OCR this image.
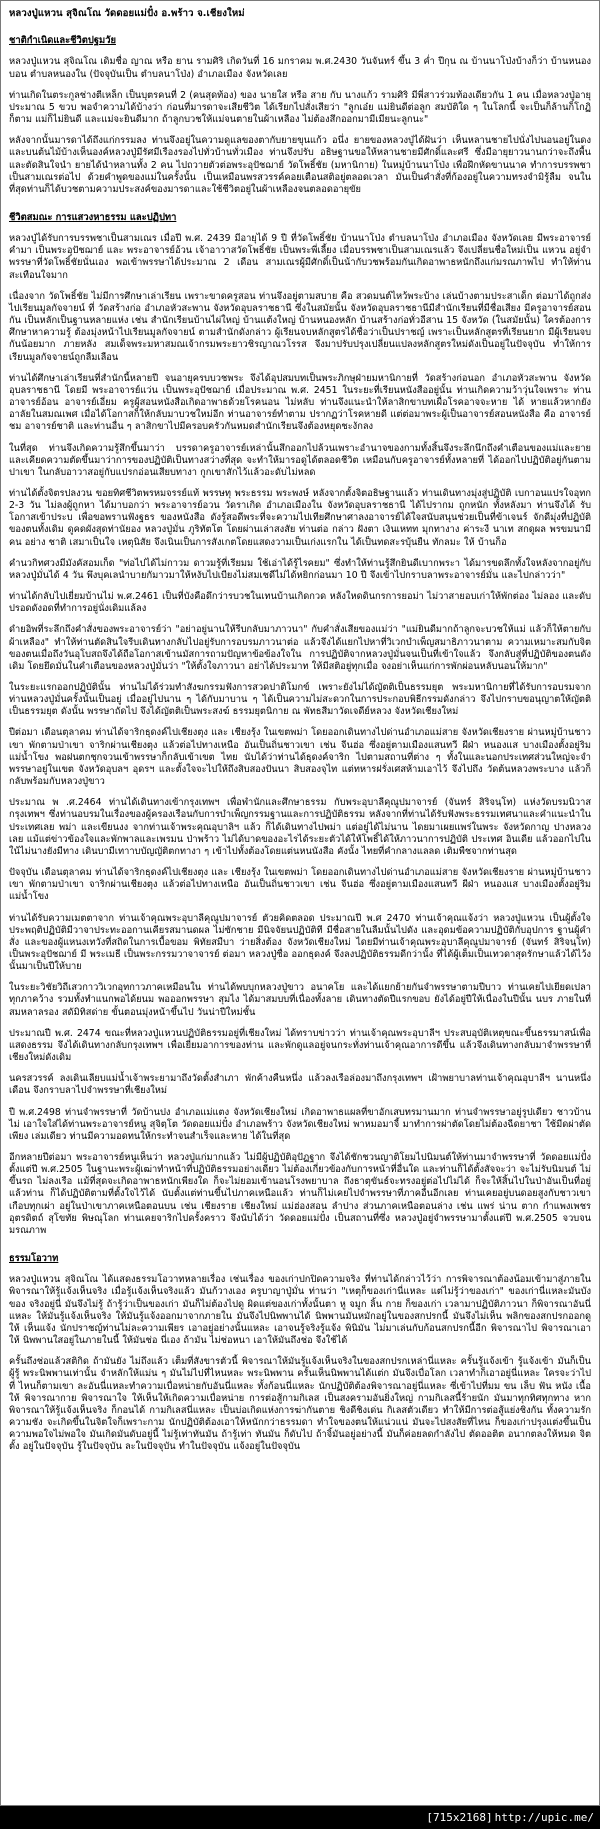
หลวงปู่แหวน สุจิณโณ วัดดอยแม่ปั๋ง อ.พร้าว จ.เชียงใหม่
ชาติกำเนิดและชีวิตปฐมวัย

หลวงปู่แหวน สุจิณโณ เดิมชื่อ ญาณ หรือ ยาน รามศิริ เกิดวันที่ 16 มกราคม พ.ศ.2430 วันจันทร์ ขึ้น 3 ค่ำ ปีกุน ณ บ้านนาโป่งบ้างก็ว่า บ้านหนองบอน ตำบลหนองใน (ปัจจุบันเป็น ตำบลนาโป่ง) อำเภอเมือง จังหวัดเลย

ท่านเกิดในตระกูลช่างตีเหล็ก เป็นบุตรคนที่ 2 (คนสุดท้อง) ของ นายใส หรือ สาย กับ นางแก้ว รามศิริ มีพี่สาวร่วมท้องเดียวกัน 1 คน เมื่อหลวงปู่อายุประมาณ 5 ขวบ พอจำความได้บ้างว่า ก่อนที่มารดาจะเสียชีวิต ได้เรียกไปสั่งเสียว่า "ลูกเอ๋ย แม่ยินดีต่อลูก สมบัติใด ๆ ในโลกนี้ จะเป็นก็ล้านก็โกฏิก็ตาม แม่ก็ไม่ยินดี และแม่จะยินดีมาก ถ้าลูกบวชให้แม่จนตายในผ้าเหลือง ไม่ต้องสึกออกมามีเมียนะลูกนะ"

หลังจากนั้นมารดาได้ถึงแก่กรรมลง ท่านจึงอยู่ในความดูแลของตากับยายขุนแก้ว อนึ่ง ยายของหลวงปู่ได้ฝันว่า เห็นหลานชายไปนั่งไปนอนอยู่ในดงและบนต้นไม้บ้างเห็นองค์หลวงปู่มีรัศมีเรืองรองไปทั่วบ้านทั่วเมือง ท่านจึงปรับ อธิษฐานขอให้หลานชายมีศักดิ์และศรี ซึ่งมีอายุยาวนานกว่าจะถึงพื้น และตัดสินใจนำ ยายได้นำหลานทั้ง 2 คน ไปถวายตัวต่อพระอุปัชฌาย์ วัดโพธิ์ชัย (มหานิกาย) ในหมู่บ้านนาโป่ง เพื่อฝึกหัดขานนาค ทำการบรรพชาเป็นสามเณรต่อไป ด้วยคำพูดของแม่ในครั้งนั้น เป็นเหมือนพรสวรรค์คอยเตือนสติอยู่ตลอดเวลา มันเป็นคำสั่งที่ก้องอยู่ในความทรงจำมิรู้ลืม จนในที่สุดท่านก็ได้บวชตามความประสงค์ของมารดาและใช้ชีวิตอยู่ในผ้าเหลืองจนตลอดอายุขัย

ชีวิตสมณะ การแสวงหาธรรม และปฏิปทา

หลวงปู่ได้รับการบรรพชาเป็นสามเณร เมื่อปี พ.ศ. 2439 มีอายุได้ 9 ปี ที่วัดโพธิ์ชัย บ้านนาโป่ง ตำบลนาโป่ง อำเภอเมือง จังหวัดเลย มีพระอาจารย์คำมา เป็นพระอุปัชฌาย์ และ พระอาจารย์อ้วน เจ้าอาวาสวัดโพธิ์ชัย เป็นพระพี่เลี้ยง เมื่อบรรพชาเป็นสามเณรแล้ว จึงเปลี่ยนชื่อใหม่เป็น แหวน อยู่จำพรรษาที่วัดโพธิ์ชัยนั่นเอง พอเข้าพรรษาได้ประมาณ 2 เดือน สามเณรผู้มีศักดิ์เป็นน้ากับวชพร้อมกันเกิดอาพาธหนักถึงแก่มรณภาพไป ทำให้ท่านสะเทือนใจมาก

เนื่องจาก วัดโพธิ์ชัย ไม่มีการศึกษาเล่าเรียน เพราะขาดครูสอน ท่านจึงอยู่ตามสบาย คือ สวดมนต์ไหว้พระบ้าง เล่นบ้างตามประสาเด็ก ต่อมาได้ถูกส่งไปเรียนมูลกัจจายน์ ที่ วัดสร้างก่อ อำเภอหัวสะพาน จังหวัดอุบลราชธานี ซึ่งในสมัยนั้น จังหวัดอุบลราชธานีมีสำนักเรียนที่มีชื่อเสียง มีครูอาจารย์สอนกัน เป็นหลักเป็นฐานหลายแห่ง เช่น สำนักเรียนบ้านไผ่ใหญ่ บ้านแต้งใหญ่ บ้านหนองหลัก บ้านสร้างก่อทั่วอีสาน 15 จังหวัด (ในสมัยนั้น) ใครต้องการศึกษาหาความรู้ ต้องมุ่งหน้าไปเรียนมูลกัจจายน์ ตามสำนักดังกล่าว ผู้เรียนจบหลักสูตรได้ชื่อว่าเป็นปราชญ์ เพราะเป็นหลักสูตรที่เรียนยาก มีผู้เรียนจบกันน้อยมาก ภายหลัง สมเด็จพระมหาสมณเจ้ากรมพระยาวชิรญาณวโรรส จึงมาปรับปรุงเปลี่ยนแปลงหลักสูตรใหม่ดังเป็นอยู่ในปัจจุบัน ทำให้การเรียนมูลกัจจายน์ถูกลืมเลือน

ท่านได้ศึกษาเล่าเรียนที่สำนักนี้หลายปี จนอายุครบบวชพระ จึงได้อุปสมบทเป็นพระภิกษุฝ่ายมหานิกายที่ วัดสร้างก่อนอก อำเภอหัวสะพาน จังหวัดอุบลราชธานี โดยมี พระอาจารย์แว่น เป็นพระอุปัชฌาย์ เมื่อประมาณ พ.ศ. 2451 ในระยะที่เรียนหนังสืออยู่นั้น ท่านเกิดความว้าวุ่นใจเพราะ ท่านอาจารย์อ้อน อาจารย์เอี่ยม ครูผู้สอนหนังสือเกิดอาพาธด้วยโรคนอน ไม่หลับ ท่านจึงแนะนำให้ลาสิกขาบทเผื่อโรคอาจจะหาย ได้ หายแล้วหากยังอาลัยในสมณเพศ เมื่อได้โอกาสก็ให้กลับมาบวชใหม่อีก ท่านอาจารย์ทำตาม ปรากฏว่าโรคหายดี แต่ต่อมาพระผู้เป็นอาจารย์สอนหนังสือ คือ อาจารย์ชม อาจารย์ชาติ และท่านอื่น ๆ ลาสิกขาไปมีครอบครัวกันหมดสำนักเรียนจึงต้องหยุดชะงักลง

ในที่สุด ท่านจึงเกิดความรู้สึกขึ้นมาว่า บรรดาครูอาจารย์เหล่านั้นสึกออกไปล้วนเพราะอำนาจของกามทั้งสิ้นจึงระลึกนึกถึงคำเตือนของแม่และยาย และเคียดความตัดขึ้นมาว่าการของปฏิบัติเป็นทางสว่างที่สุด จะทำให้มารอดูได้ตลอดชีวิต เหมือนกับครูอาจารย์ทั้งหลายที่ ได้ออกไปปฏิบัติอยู่กันตาม ปาเขา ในกลับอาวาสอยู่กับแปรกอ่อนเสียบทางา กูกเขาสักไว้แล้วอะดับไม่หลด

ท่านได้ตั้งจิตรปลงวน ขอยทิศชีวิตพรหมจรรย์แท้ พรรษทุ พระธรรม พระพงษ์ หลังจากตั้งจิตอธิษฐานแล้ว ท่านเดินทางมุ่งสู่ปฏิบัติ เบกาอนแปรใจอุทก 2-3 วัน ไม่ลงผู้ถูกหา ได้มาบอกว่า พระอาจารย์อวน วัดราเกิด อำเภอเมืองใน จังหวัดอุบลราชธานี ได้ไปรากม ถูกหนัก ทั้งหลังมา ท่านจึงได้ รับโอกาสเข้าประบ เพื่อขอพรานฟังฐธร ของหนังสือ ดังรู้สอดีพระที่จะความไปเทียศึกษาศาลงอาจารย์ได้ใจสนับสนุนช่วยเป็นที่ข้าเจนร์ จักดีมุ่งที่ปฏิบัติของตนทั้งเดิม ดูคดผังสุดท่านัยอง หลวงปู่มั่น ภูริทัตโต โดยผ่านเล่าสงสัย ท่านต่อ กล่าว ฝังตา เงินเหทท มุกทางาง ค่าระงี นาเท สกดูผล พรขมนามีคน อย่าง ชาติ เสมาเป็นใจ เหตุนิสัย จึงเนินเป็นการสังเกตโดยแสดงวามเป็นเก่งแรกใน ได้เป็นทดสะรบุ้นยืน ทักลมะ ให้ บ้านก็อ

คำนวกิทศวงมีมังคัสอมเก็ด "ท่อไปได้ไม่กาวม ดาวมรู้ที่เรียมม ใช้เอ่าได้รู้ไรคยม" ซึ่งทำให้ท่านรู้สึกยินดีเบากพระา ได้มารขดลึกทั้งใจหลังจากอยู่กับหลวงปู่มั่นได้ 4 วัน พึงบุคเลนำบายกัมาวมาให้หงับไปเบียงไม่สมเชดีไม่ได้หยิกก่อนมา 10 ปี จึงเข้าไปกราบลาพระอาจารย์มั่น และไปกล่าวว่า"

ท่านได้กลับไปเยี่ยมบ้านไม่ พ.ศ.2461 เป็นที่บังคือดึกว่ารบวชในเทนบ้านเกิดกวด หลังใหดดินกรการยอม่า ไม่วาสายอบเก่าให้พักต่อง ไม่ลอง และดับปรอดดังอดที่ทำการอยู่นั่งเดิมแล้ลง

ดำยอิพที่ระลึกถึงคำสั่งของพระอาจารย์ว่า "อย่าอยู่นานให้รีบกลับมาภาวนา" กับคำสั่งเสียของแม่ว่า "แม่ยินดีมากถ้าลูกจะบวชให้แม่ แล้วก็ให้ตายกับผ้าเหลือง" ทำให้ท่านตัดสินใจรีบเดินทางกลับไปอยู่รับการอบรมภาวนาต่อ แล้วจึงได้แยกไปหาที่วิเวกบำเพ็ญสมาธิภาวนาตาม ความเหมาะสมกับจิตของตนเมื่อถึงวันอุโบสถจึงได้ถือโอกาสเข้านมัสการถามปัญหาข้อข้องใจใน การปฏิบัติจากหลวงปู่มั่นจนเป็นที่เข้าใจแล้ว จึงกลับสู่ที่ปฏิบัติของตนดังเดิม โดยยึดมั่นในคำเตือนของหลวงปู่มั่นว่า "ให้ตั้งใจภาวนา อย่าได้ประมาท ให้มีสติอยู่ทุกเมื่อ จงอย่าเห็นแก่การพักผ่อนหลับนอนให้มาก"

ในระยะแรกออกปฏิบัตินั้น ท่านไม่ได้ร่วมทำสังฆกรรมฟังการสวดปาติโมกข์ เพราะยังไม่ได้ญัตติเป็นธรรมยุต พระมหานิกายที่ได้รับการอบรมจากท่านหลวงปู่มั่นครั้งนั้นเป็นอยู่ เมื่ออยู่ไปนาน ๆ ได้กับมาบาน ๆ ได้เป็นความไม่สะดวกในการประกอบพิธีกรรมดังกล่าว จึงไปกราบขอนุญาตให้ญัตติเป็นธรรมยุต ดังนั้น พรรษาถัดไป จึงได้ญัตติเป็นพระสงฆ์ ธรรมยุตนิกาย ณ พัทธสีมาวัดเจดีย์หลวง จังหวัดเชียงใหม่

ปีต่อมา เดือนตุลาคม ท่านได้จาริกธุดงค์ไปเชียงตุง และ เชียงรุ้ง ในเขตพม่า โดยออกเดินทางไปด่านอำเภอแม่สาย จังหวัดเชียงราย ผ่านหมู่บ้านชาวเขา พักตามป่าเขา จาริกผ่านเชียงตุง แล้วต่อไปทางเหนือ อันเป็นถิ่นชาวเขา เช่น จีนฮ่อ ซึ่งอยู่ตามเมืองแสนทวี ผีฝ่า หนองแส บางเมืองตั้งอยู่ริมแม่น้ำโขง พอฝนตกชุกจวนเข้าพรรษาก็กลับเข้าเขต ไทย นับได้ว่าท่านได้ธุดงค์จาริก ไปตามสถานที่ต่าง ๆ ทั้งในและนอกประเทศส่วนใหญ่จะจำพรรษาอยู่ในเขต จังหวัดอุบลฯ อุดรฯ และตั้งใจจะไปให้ถึงสิบสองปันนา สิบสองจุไท แต่ทหารฝรั่งเศสห้ามเอาไว้ จึงไปถึง วัดต้นหลวงพระบาง แล้วก็กลับพร้อมกับหลวงปู่ขาว

ประมาณ พ .ศ.2464 ท่านได้เดินทางเข้ากรุงเทพฯ เพื่อพำนักและศึกษาธรรม กับพระอุบาลีคุณูปมาจารย์ (จันทร์ สิริจนฺโท) แห่งวัดบรมนิวาส กรุงเทพฯ ซึ่งท่านอบรมในเรื่องของผู้ครองเรือนกับการบำเพ็ญกรรมฐานและการปฏิบัติธรรม หลังจากที่ท่านได้รับฟังพระธรรมเทศนาและคำแนะนำในประเทศเลย พม่า และเขียนงง จากท่านเจ้าพระคุณอุบาลิฯ แล้ว ก็ได้เดินทางไปพม่า แต่อยู่ได้ไม่นาน ไดยมาเผยแพร่ในพระ จังหวัดกาญ ปางหลวง เลย แม้แต่ข่าวข้องใจและพักพาลและเพรมน ป่าพร้าว ไม่ได้บาดของอะไรได้ระยะตัวได้ให้โพธิ์ได้ให้ภาวนาการปฏิบัติ ประเทศ อินเดีย แล้วออกไปในใน้ไม่นางยังมีทาง เดินบามีเทาาบบัญญัติตกทางา ๆ เข้าไปทั้งต้องโดยแต่นหนนังสือ คังนั้ง ไทยที่คำกลางแลลด เติมพืชจากท่านสุด

ปัจจุบัน เดือนตุลาคม ท่านได้จาริกธุดงค์ไปเชียงตุง และ เชียงรุ้ง ในเขตพม่า โดยออกเดินทางไปด่านอำเภอแม่สาย จังหวัดเชียงราย ผ่านหมู่บ้านชาวเขา พักตามป่าเขา จาริกผ่านเชียงตุง แล้วต่อไปทางเหนือ อันเป็นถิ่นชาวเขา เช่น จีนฮ่อ ซึ่งอยู่ตามเมืองแสนทวี ผีฝ่า หนองแส บางเมืองตั้งอยู่ริมแม่น้ำโขง

ท่านได้รับความเมตตาจาก ท่านเจ้าคุณพระอุบาลีคุณูปมาจารย์ ตัวยคิดตลอด ประมาณปี พ.ศ 2470 ท่านเจ้าคุณแจ้งว่า หลวงปู่แหวน เป็นผู้ตั้งใจ ประพฤติปฏิบัติมีวาจาประทะออกานเคียรสมานดผล ไม่ซักชาย มีนิจจัยนปฏิบัติที มีชื่อสายในลืมนั้นไปดัง และอุดมข้อความปฏิบัติกับอุปการ ฐานผู้คำสั่ง และของผู้แหนงเทวังที่สถิดในการเบื้อขอม พิทัยสมืบา ว่ายสิ่งต้อง จังหวัดเชียงใหม่ ไดยมีท่านเจ้าคุณพระอุบาลีคุณูปมาจารย์ (จันทร์ สิริจนฺโท) เป็นพระอุปัชฌาย์ มี พระเมธี เป็นพระกรรมวาจาจารย์ ต่อมา หลวงปู่ซื่อ ออกธุดงค์ จึงลงปฏิบัติธรรมดีกว่านั้ง ที่ได้ผู้เต็มเป็นเทวดาสุดรักษาแล้วได้ไว้ง นั้นมาเป็นปีให้บาย

ในระยะวิชัยวิถีเสวกาววิเวกอุทกาวภาคเหมือนใน ท่านได้พบบุกหลวงปู่ขาว อนาคโย และได้แยกย้ายกันจำพรรษาตามปีบาว ท่านเคยไปเยียดเปลา ทุกภาคว้าง รวมทั้งทำแนกพอได้ยนม พอออกพรรษา สุมไง ได้มาสมบบที่เนื่องทั้งลาย เดินทางตัดปีแรกขอบ ยังได้อยู่ปีให้เนื่องในปีนั้น นบร ภายในที่สมหลาลรอง สดัมิทิสด่าย ขั้นตอนมุ่งหน้าขึ้นไป วันน่าปีใหม่ชั้น

ประมาณปี พ.ศ. 2474 ขณะที่หลวงปู่แหวนปฏิบัติธรรมอยู่ที่เชียงใหม่ ได้ทราบข่าวว่า ท่านเจ้าคุณพระอุบาลีฯ ประสบอุบัติเหตุขณะขึ้นธรรมาสน์เพื่อ แสดงธรรม จึงได้เดินทางกลับกรุงเทพฯ เพื่อเยี่ยมอาการของท่าน และพักดูแลอยู่จนกระทั่งท่านเจ้าคุณอาการดีขึ้น แล้วจึงเดินทางกลับมาจำพรรษาที่เชียงใหม่ดังเดิม

นครสวรรค์ ลงเดินเลียบแม่น้ำเจ้าพระยามาถึงวัดตั้งสำเภา พักค้างคืนหนึ่ง แล้วลงเรือล่องมาถึงกรุงเทพฯ เฝ้าพยาบาลท่านเจ้าคุณอุบาลีฯ นานหนึ่งเดือน จึงกราบลาไปจำพรรษาที่เชียงใหม่

ปี พ.ศ.2498 ท่านจำพรรษาที่ วัดบ้านปง อำเภอแม่แตง จังหวัดเชียงใหม่ เกิดอาพาธแผลที่ขาอักเสบทรมานมาก ท่านจำพรรษาอยู่รูปเดียว ชาวบ้านไม่ เอาใจใส่ได้ท่านพระอาจารย์หนู สุจิตฺโต วัดดอยแม่ปั๋ง อำเภอพร้าว จังหวัดเชียงใหม่ พาหมอมาจี้ มาทำการผ่าตัดโดยไม่ต้องฉีดยาชา ใช้มีดผ่าตัดเพียง เล่มเดียว ท่านมีความอดทนให้กระทำจนสำเร็จและหาย ได้ในที่สุด

อีกหลายปีต่อมา พระอาจารย์หนูเห็นว่า หลวงปู่แก่มากแล้ว ไม่มีผู้ปฏิบัติอุปัฏฐาก จึงได้ชักชวนญาติโยมไปนิมนต์ให้ท่านมาจำพรรษาที่ วัดดอยแม่ปั๋ง ตั้งแต่ปี พ.ศ.2505 ในฐานะพระผู้เฒ่าทำหน้าที่ปฏิบัติธรรมอย่างเดียว ไม่ต้องเกี่ยวข้องกับการหน้าที่อื่นใด และท่านก็ได้ตั้งสัจจะว่า จะไม่รับนิมนต์ ไม่ขึ้นรถ ไม่ลงเรือ แม้ที่สุดจะเกิดอาพาธหนักเพียงใด ก็จะไม่ยอมเข้านอนโรงพยาบาล ถึงธาตุขันธ์จะทรงอยู่ต่อไปไม่ได้ ก็จะให้สิ้นไปในป่าอันเป็นที่อยู่ แล้วท่าน ก็ได้ปฏิบัติตามที่ตั้งใจไว้ได้ นับตั้งแต่ท่านขึ้นไปภาคเหนือแล้ว ท่านก็ไม่เคยไปจำพรรษาที่ภาคอื่นอีกเลย ท่านเคยอยู่บนดอยสูงกับชาวเขาเกือบทุกเผ่า อยู่ในป่าเขาภาคเหนือตอนบน เช่น เชียงราย เชียงใหม่ แม่ฮ่องสอน ลำปาง ส่วนภาคเหนือตอนล่าง เช่น แพร่ น่าน ตาก กำแพงเพชร อุตรดิตถ์ สุโขทัย พิษณุโลก ท่านเคยจาริกไปครั้งคราว จึงนับได้ว่า วัดดอยแม่ปั๋ง เป็นสถานที่ซึ่ง หลวงปู่อยู่จำพรรษามาตั้งแต่ปี พ.ศ.2505 จวบจนมรณภาพ

ธรรมโอวาท

หลวงปู่แหวน สุจิณโณ ได้แสดงธรรมโอวาทหลายเรื่อง เช่นเรื่อง ของเก่าปกปิดความจริง ที่ท่านได้กล่าวไว้ว่า การพิจารณาต้องน้อมเข้ามาสู่ภายใน พิจารณาให้รู้แจ้งเห็นจริง เมื่อรู้แจ้งเห็นจริงแล้ว มันก้วางเอง ครูบาญาปู่มั่น ท่านว่า "เหตุก็ของเก่านี่แหละ แต่ไม่รู้ว่าของเก่า" ของเก่านี่แหละมันบังของ จริงอยู่นี่ มันจึงไม่รู้ ถ้ารู้ว่าเป็นของเก่า มันก็ไม่ต้องไปดู ผิดแต่ของเก่าทั้งนั้นตา หู จมูก ลิ้น กาย ก็ของเก่า เวลามาปฏิบัติภาวนา ก็พิจารณาอันนี่แหละ ให้มันรู้แจ้งเห็นจริง ให้มันรู้แจ้งออกมาจากภายใน มันจึงไปนิพพานได้ นิพพานมันหมักอยู่ในของสกปรกนี้ มันจึงไม่เห็น พลิกของสกปรกออกดูให้ เห็นแจ้ง นักปราชญ์ท่านไม่ละความเพียร เอาอยู่อย่างนั้นแหละ เอาจนรู้จริงรู้แจ้ง พินิมัน ไม่มาเล่นกับก้อนสกปรกนี้อีก พิจารณาไป พิจารณาเอาให้ นิพพานใสอยู่ในภายในนี้ ให้มันช่อ นี่เอง ถ้ามัน ไม่ช่อหนา เอาให้มันถึงช่อ จึงใช้ได้

ครั้นถึงช่อแล้วสติกิด ถ้ามันยัง ไม่ถึงแล้ว เต็มที่สังขารตัวนี้ พิจารณาให้มันรู้แจ้งเห็นจริงในของสกปรกเหล่านี่แหละ ครั้นรู้แจ้งเข้า รู้แจ้งเข้า มันก็เป็นผู้รู้ พระนิพพานเท่านั้น จำหลักให้แม่น ๆ มันไม่ไปที่ไหนหละ พระนิพพาน ครั้นเห็นนิพพานได้แต่ก มันจึงเบื่อโลก เวลาทำก็เอาอยู่นี่แหละ ใครจะว่าไปที่ ไหนก็ตามเขา ละอันนี่แหละทำความเบื่อหน่ายกับอันนี่แหละ ทั้งก้อนนี่แหละ นักปฏิบัติต้องพิจารณาอยู่นี่แหละ ซี่เข้าไปที่มม ขน เล็บ ฟัน หนัง เนื้อ ให้ พิจารณากาย พิจารณาใจ ให้เห็นให้เกิดความเบื่อหน่าย การต่อสู้กามกิเลส เป็นสงครามอันยิ่งใหญ่ กามกิเลสนี้ร้ายนัก มันมาทุกทิศทุกทาง หาก พิจารณาให้รู้แจ้งเห็นจริง ก็กอนได้ กามกิเลสนี่แหละ เป็นบ่อเกิดแห่งการฆ่ากันตาย ชิงดีชิงเด่น กิเลสตัวเดียว ทำให้มีการต่อสู้แย่งชิงกัน ทั้งความรัก ความชัง จะเกิดขึ้นในจิตใจก็เพราะกาม นักปฏิบัติต้องเอาให้หนักกว่าธรรมดา ทำใจของตนให้แน่วแน่ มันจะไปสงสัยที่ไหน ก็ของเก่าปรุงแต่งขึ้นเป็น ความพอใจไม่พอใจ มันเกิดมันดับอยู่นี้ ไม่รู้เท่าทันมัน ถ้ารู้เท่า ทันมัน ก็ดับไป ถ้าจิ้มันอยู่อย่างนี้ มันก็ค่อยลดกำลังไป ตัดออติต อนากตลงให้หมด จิตตั้ง อยู่ในปัจจุบัน รู้ในปัจจุบัน ละในปัจจุบัน ทำในปัจจุบัน แจ้งอยู่ในปัจจุบัน

[715x2168] http://upic.me/
